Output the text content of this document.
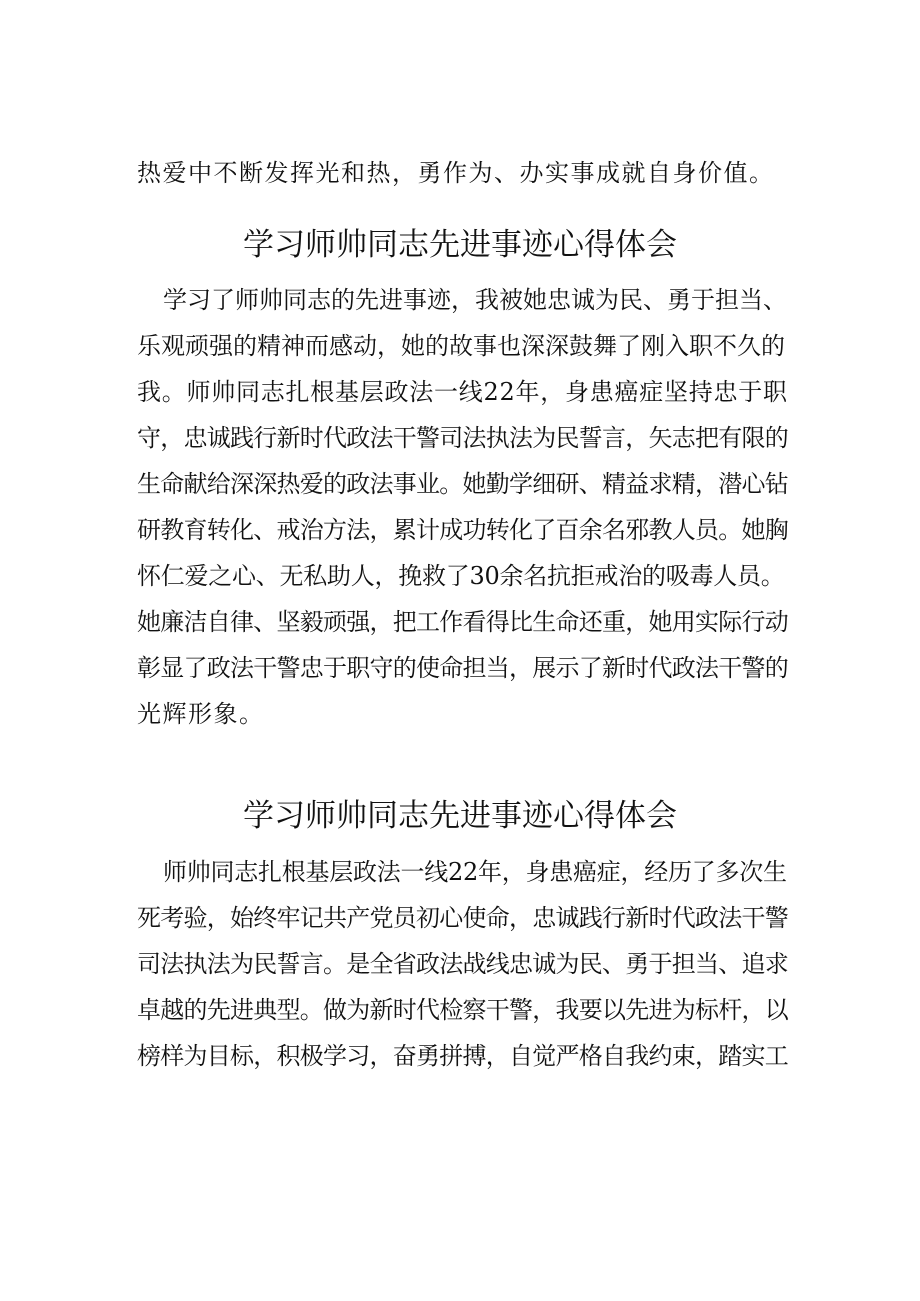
热爱中不断发挥光和热，勇作为、办实事成就自身价值。
学习师帅同志先进事迹心得体会
学习了师帅同志的先进事迹，我被她忠诚为民、勇于担当、
乐观顽强的精神而感动，她的故事也深深鼓舞了刚入职不久的
我。师帅同志扎根基层政法一线22年，身患癌症坚持忠于职
守，忠诚践行新时代政法干警司法执法为民誓言，矢志把有限的
生命献给深深热爱的政法事业。她勤学细研、精益求精，潜心钻
研教育转化、戒治方法，累计成功转化了百余名邪教人员。她胸
怀仁爱之心、无私助人，挽救了30余名抗拒戒治的吸毒人员。
她廉洁自律、坚毅顽强，把工作看得比生命还重，她用实际行动
彰显了政法干警忠于职守的使命担当，展示了新时代政法干警的
光辉形象。
学习师帅同志先进事迹心得体会
师帅同志扎根基层政法一线22年，身患癌症，经历了多次生
死考验，始终牢记共产党员初心使命，忠诚践行新时代政法干警
司法执法为民誓言。是全省政法战线忠诚为民、勇于担当、追求
卓越的先进典型。做为新时代检察干警，我要以先进为标杆，以
榜样为目标，积极学习，奋勇拼搏，自觉严格自我约束，踏实工
